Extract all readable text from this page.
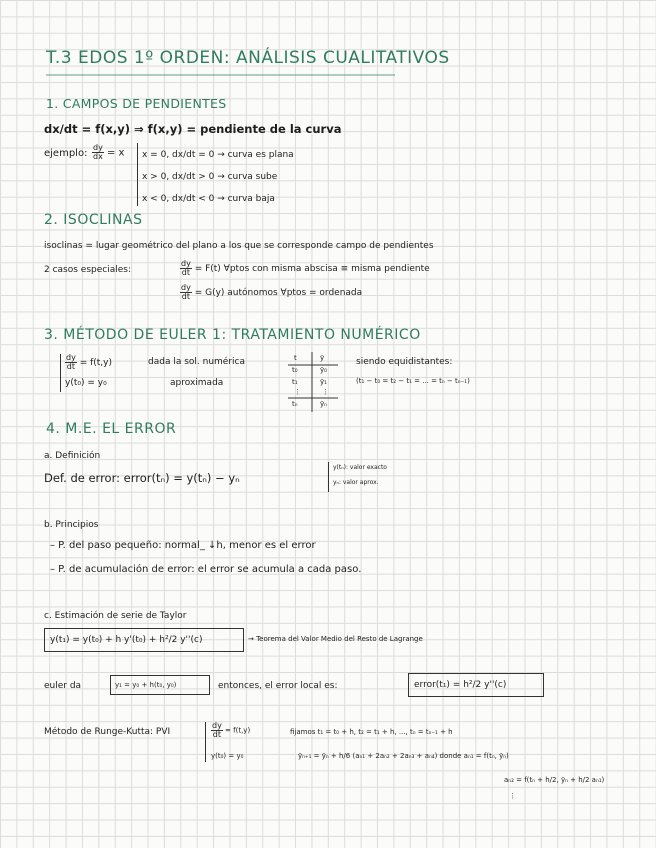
T.3 EDOS 1º ORDEN: ANÁLISIS CUALITATIVOS
1. CAMPOS DE PENDIENTES
dx/dt = f(x,y) ⇒ f(x,y) = pendiente de la curva
ejemplo: $\frac{dy}{dx} = x$ x = 0, dx/dt = 0 → curva es plana
x > 0, dx/dt > 0 → curva sube
x < 0, dx/dt < 0 → curva baja
2. ISOCLINAS
isoclinas = lugar geométrico del plano a los que se corresponde campo de pendientes
2 casos especiales:	$\frac{dy}{dt} = F(t)$ ∀ptos con misma abscisa ≡ misma pendiente
$\frac{dy}{dt} = G(y)$ autónomos ∀ptos = ordenada
3. MÉTODO DE EULER 1: TRATAMIENTO NUMÉRICO
$\frac{dy}{dt} = f(t,y)$
y(t₀) = y₀
dada la sol. numérica
aproximada
t	ȳ
t₀	ȳ₀
t₁	ȳ₁
⋮	⋮
tₙ	ȳₙ
siendo equidistantes:
(t₁ − t₀ = t₂ − t₁ = ... = tₙ − tₙ₋₁)
4. M.E. EL ERROR
a. Definición
Def. de error: error(tₙ) = y(tₙ) − yₙ
y(tₙ): valor exacto
yₙ: valor aprox.
b. Principios
– P. del paso pequeño: normal_ ↓h, menor es el error
– P. de acumulación de error: el error se acumula a cada paso.
c. Estimación de serie de Taylor
y(t₁) = y(t₀) + h y'(t₀) + h²/2 y''(c)	→ Teorema del Valor Medio del Resto de Lagrange
euler da	y₁ = y₀ + h(t₀, y₀)	entonces, el error local es:	error(t₁) = h²/2 y''(c)
Método de Runge-Kutta: PVI	$\frac{dy}{dt} = f(t,y)$
y(t₀) = y₀
fijamos t₁ = t₀ + h, t₂ = t₁ + h, ..., tₙ = tₙ₋₁ + h
ȳₙ₊₁ = ȳₙ + h/6 (aₙ₁ + 2aₙ₂ + 2aₙ₃ + aₙ₄) donde aₙ₁ = f(tₙ, ȳₙ)
aₙ₂ = f(tₙ + h/2, ȳₙ + h/2 aₙ₁)
⋮
